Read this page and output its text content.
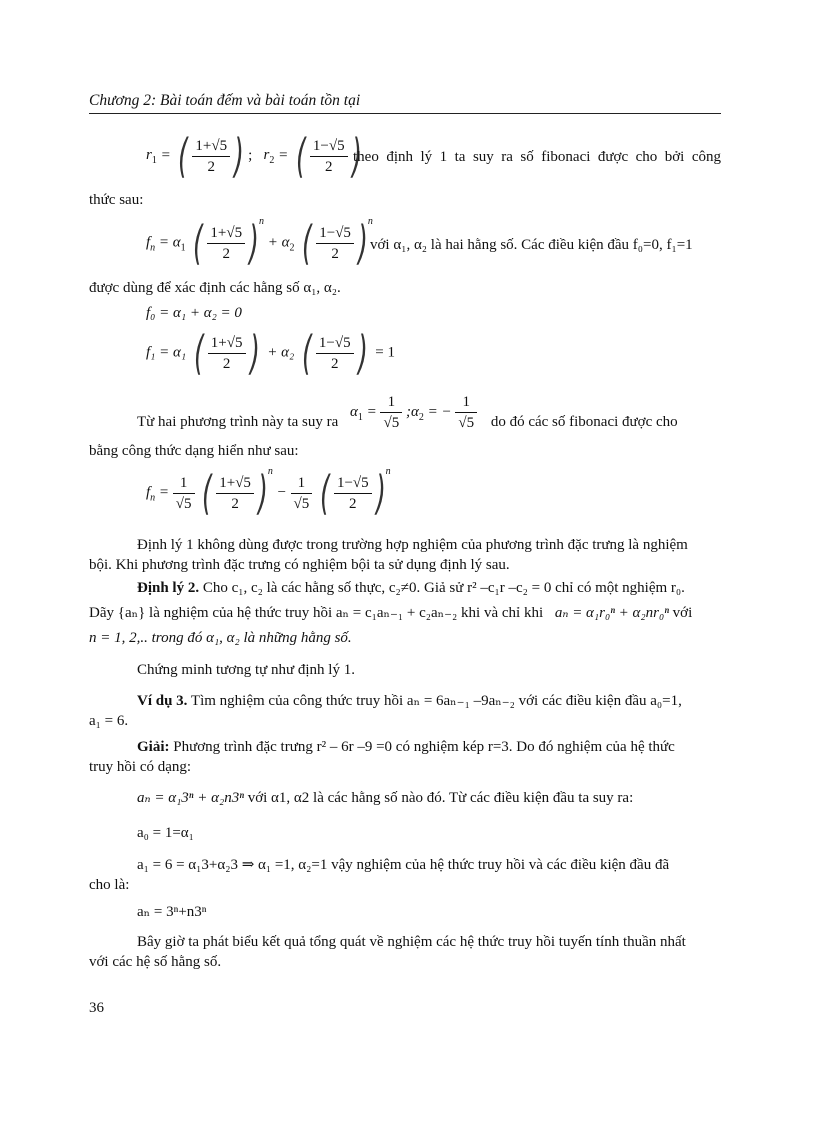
Chương 2: Bài toán đếm và bài toán tồn tại
$r_1$ = ( $\frac{1+√5}{2}$ ) ; $r_2$ = ( $\frac{1-√5}{2}$ )
theo định lý 1 ta suy ra số fibonaci được cho bởi công
thức sau:
$f_n = \alpha_1$ ( $\frac{1+√5}{2} )^n + \alpha_2$ ( $\frac{1-√5}{2} )^n$
với α₁, α₂ là hai hằng số. Các điều kiện đầu f₀=0, f₁=1
được dùng để xác định các hằng số α₁, α₂.
f₀ = α₁ + α₂ = 0
f₁ = α₁ ( $\frac{1+√5}{2}$ ) + α₂ ( $\frac{1-√5}{2}$ ) = 1
Từ hai phương trình này ta suy ra $\alpha_1 = \frac{1}{√5}$ $;\alpha_2$ = − $\frac{1}{√5}$ do đó các số fibonaci được cho
bằng công thức dạng hiển như sau:
$f_n = \frac{1}{√5}$ ( $\frac{1+√5}{2} )^n - \frac{1}{√5}$ ( $\frac{1-√5}{2} )^n$
Định lý 1 không dùng được trong trường hợp nghiệm của phương trình đặc trưng là nghiệm
bội. Khi phương trình đặc trưng có nghiệm bội ta sử dụng định lý sau.
Định lý 2. Cho c₁, c₂ là các hằng số thực, c₂≠0. Giả sử r² –c₁r –c₂ = 0 chỉ có một nghiệm r₀.
Dãy {aₙ} là nghiệm của hệ thức truy hồi aₙ = c₁aₙ₋₁ + c₂aₙ₋₂ khi và chỉ khi aₙ = α₁r₀ⁿ + α₂nr₀ⁿ với
n = 1, 2,.. trong đó α₁, α₂ là những hằng số.
Chứng minh tương tự như định lý 1.
Ví dụ 3. Tìm nghiệm của công thức truy hồi aₙ = 6aₙ₋₁ –9aₙ₋₂ với các điều kiện đầu a₀=1,
a₁ = 6.
Giải: Phương trình đặc trưng r² – 6r –9 =0 có nghiệm kép r=3. Do đó nghiệm của hệ thức
truy hồi có dạng:
aₙ = α₁3ⁿ + α₂n3ⁿ với α1, α2 là các hằng số nào đó. Từ các điều kiện đầu ta suy ra:
a₀ = 1=α₁
a₁ = 6 = α₁3+α₂3 ⇒ α₁ =1, α₂=1 vậy nghiệm của hệ thức truy hồi và các điều kiện đầu đã
cho là:
aₙ = 3ⁿ+n3ⁿ
Bây giờ ta phát biểu kết quả tổng quát về nghiệm các hệ thức truy hồi tuyến tính thuần nhất
với các hệ số hằng số.
36
